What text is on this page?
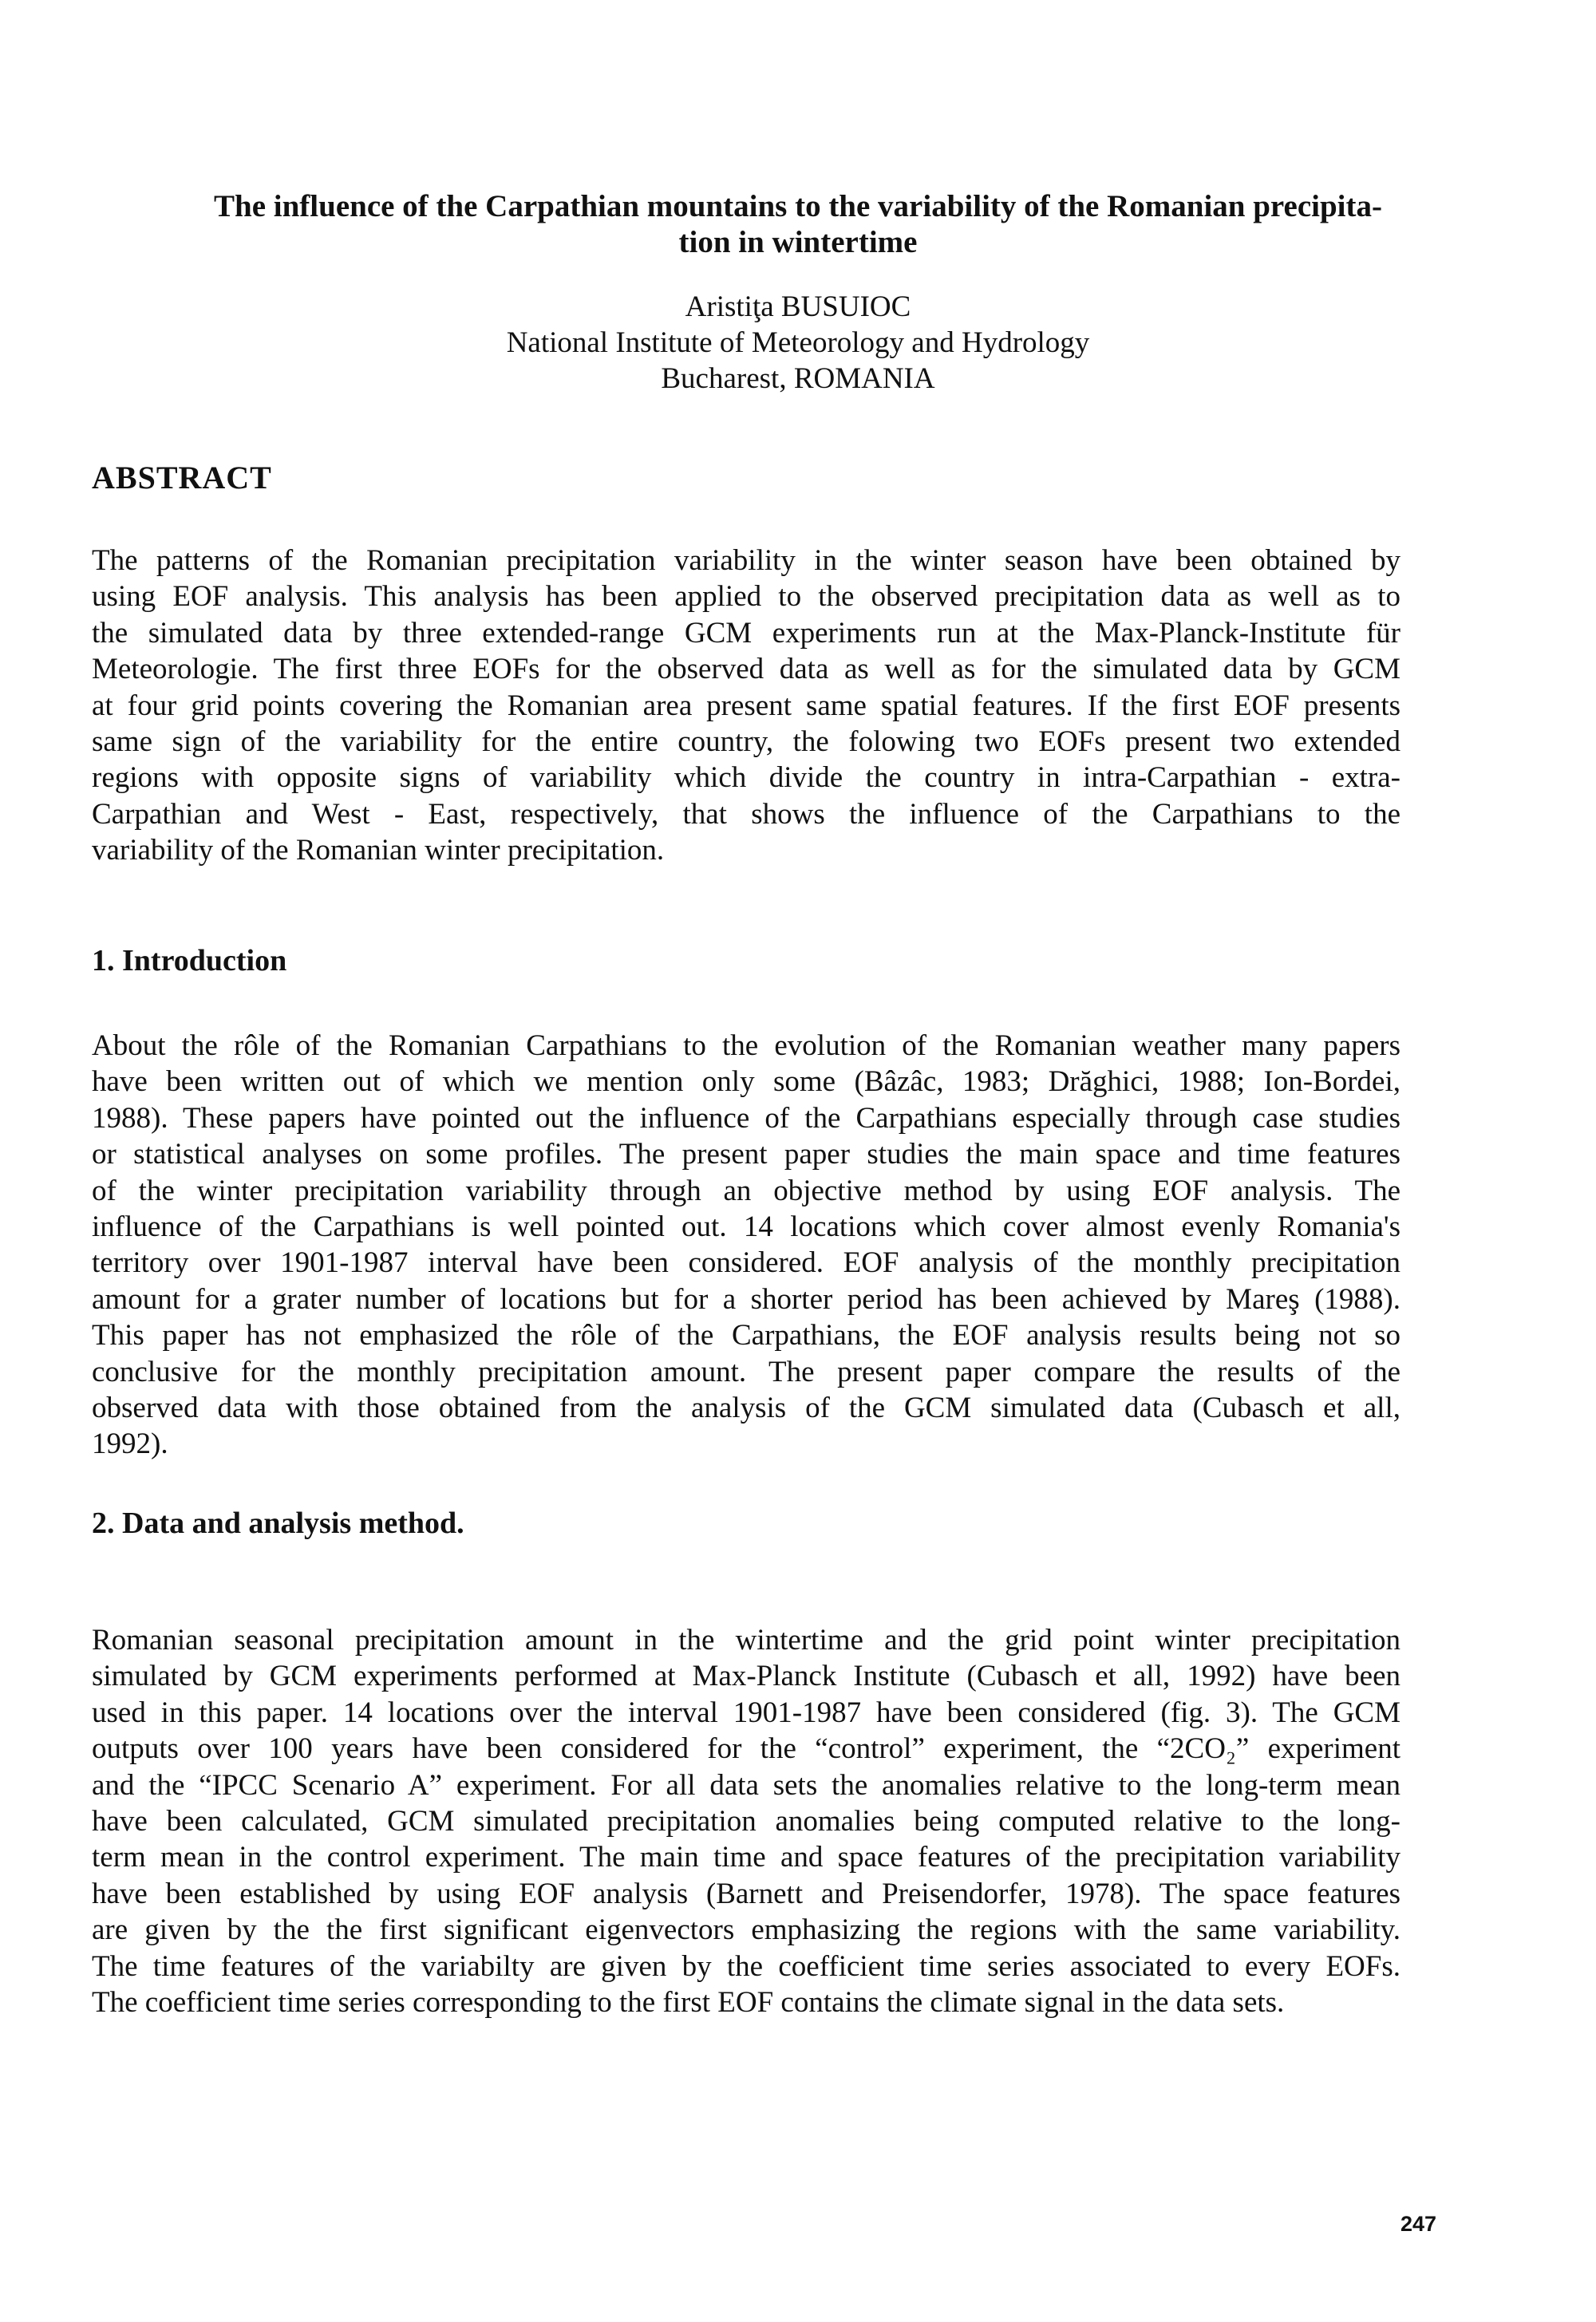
The influence of the Carpathian mountains to the variability of the Romanian precipita-
tion in wintertime
Aristiţa BUSUIOC
National Institute of Meteorology and Hydrology
Bucharest, ROMANIA
ABSTRACT
The patterns of the Romanian precipitation variability in the winter season have been obtained by
using EOF analysis. This analysis has been applied to the observed precipitation data as well as to
the simulated data by three extended-range GCM experiments run at the Max-Planck-Institute für
Meteorologie. The first three EOFs for the observed data as well as for the simulated data by GCM
at four grid points covering the Romanian area present same spatial features. If the first EOF presents
same sign of the variability for the entire country, the folowing two EOFs present two extended
regions with opposite signs of variability which divide the country in intra-Carpathian - extra-
Carpathian and West - East, respectively, that shows the influence of the Carpathians to the
variability of the Romanian winter precipitation.
1. Introduction
About the rôle of the Romanian Carpathians to the evolution of the Romanian weather many papers
have been written out of which we mention only some (Bâzâc, 1983; Drăghici, 1988; Ion-Bordei,
1988). These papers have pointed out the influence of the Carpathians especially through case studies
or statistical analyses on some profiles. The present paper studies the main space and time features
of the winter precipitation variability through an objective method by using EOF analysis. The
influence of the Carpathians is well pointed out. 14 locations which cover almost evenly Romania's
territory over 1901-1987 interval have been considered. EOF analysis of the monthly precipitation
amount for a grater number of locations but for a shorter period has been achieved by Mareş (1988).
This paper has not emphasized the rôle of the Carpathians, the EOF analysis results being not so
conclusive for the monthly precipitation amount. The present paper compare the results of the
observed data with those obtained from the analysis of the GCM simulated data (Cubasch et all,
1992).
2. Data and analysis method.
Romanian seasonal precipitation amount in the wintertime and the grid point winter precipitation
simulated by GCM experiments performed at Max-Planck Institute (Cubasch et all, 1992) have been
used in this paper. 14 locations over the interval 1901-1987 have been considered (fig. 3). The GCM
outputs over 100 years have been considered for the “control” experiment, the “2CO₂” experiment
and the “IPCC Scenario A” experiment. For all data sets the anomalies relative to the long-term mean
have been calculated, GCM simulated precipitation anomalies being computed relative to the long-
term mean in the control experiment. The main time and space features of the precipitation variability
have been established by using EOF analysis (Barnett and Preisendorfer, 1978). The space features
are given by the the first significant eigenvectors emphasizing the regions with the same variability.
The time features of the variabilty are given by the coefficient time series associated to every EOFs.
The coefficient time series corresponding to the first EOF contains the climate signal in the data sets.
247
